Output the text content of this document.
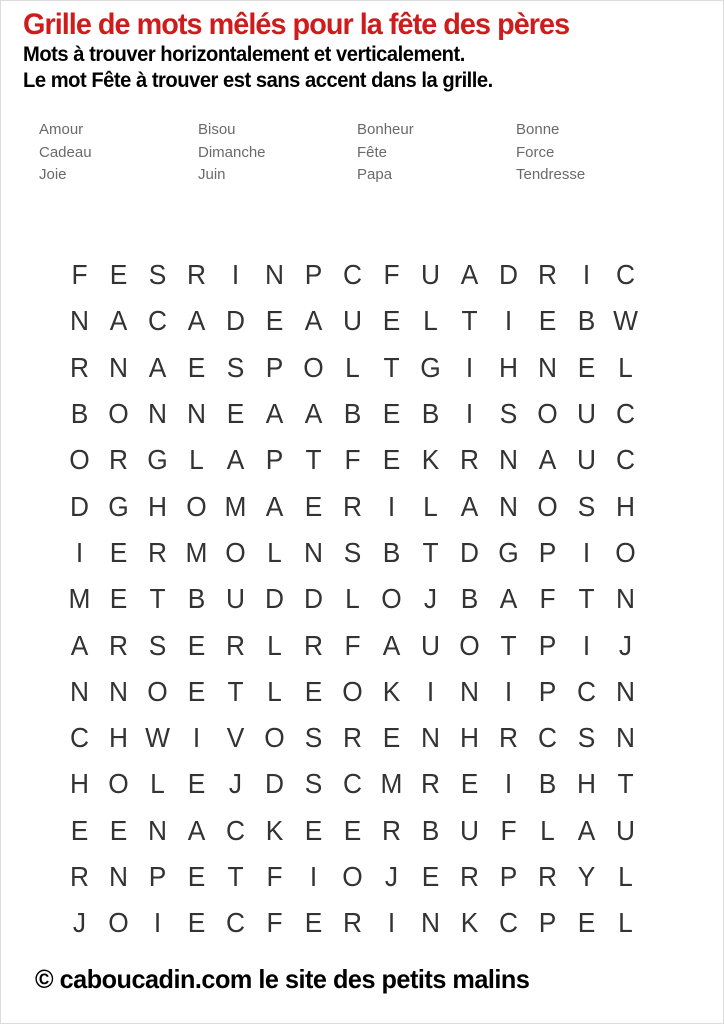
Grille de mots mêlés pour la fête des pères
Mots à trouver horizontalement et verticalement.
Le mot Fête à trouver est sans accent dans la grille.
Amour
Cadeau
Joie
Bisou
Dimanche
Juin
Bonheur
Fête
Papa
Bonne
Force
Tendresse
F E S R I N P C F U A D R I C
N A C A D E A U E L T I E B W
R N A E S P O L T G I H N E L
B O N N E A A B E B I S O U C
O R G L A P T F E K R N A U C
D G H O M A E R I	L A N O S H
I E R M O L N S B T D G P I O
M E T B U D D L O J B A F T N
A R S E R L R F A U O T P I	J
N N O E T L E O K I N I P C N
C H W I V O S R E N H R C S N
H O L E J D S C M R E I B H T
E E N A C K E E R B U F L A U
R N P E T F I O J E R P R Y L
J O I E C F E R I N K C P E L
© caboucadin.com le site des petits malins
